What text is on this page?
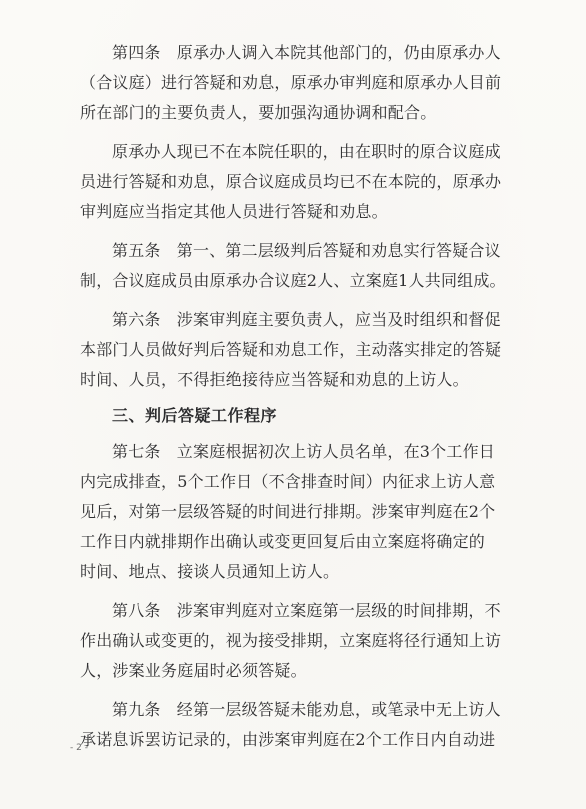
第四条　原承办人调入本院其他部门的，仍由原承办人
（合议庭）进行答疑和劝息，原承办审判庭和原承办人目前
所在部门的主要负责人，要加强沟通协调和配合。
原承办人现已不在本院任职的，由在职时的原合议庭成
员进行答疑和劝息，原合议庭成员均已不在本院的，原承办
审判庭应当指定其他人员进行答疑和劝息。
第五条　第一、第二层级判后答疑和劝息实行答疑合议
制，合议庭成员由原承办合议庭2人、立案庭1人共同组成。
第六条　涉案审判庭主要负责人，应当及时组织和督促
本部门人员做好判后答疑和劝息工作，主动落实排定的答疑
时间、人员，不得拒绝接待应当答疑和劝息的上访人。
三、判后答疑工作程序
第七条　立案庭根据初次上访人员名单，在3个工作日
内完成排查，5个工作日（不含排查时间）内征求上访人意
见后，对第一层级答疑的时间进行排期。涉案审判庭在2个
工作日内就排期作出确认或变更回复后由立案庭将确定的
时间、地点、接谈人员通知上访人。
第八条　涉案审判庭对立案庭第一层级的时间排期，不
作出确认或变更的，视为接受排期，立案庭将径行通知上访
人，涉案业务庭届时必须答疑。
第九条　经第一层级答疑未能劝息，或笔录中无上访人
承诺息诉罢访记录的，由涉案审判庭在2个工作日内自动进
- 2 -
